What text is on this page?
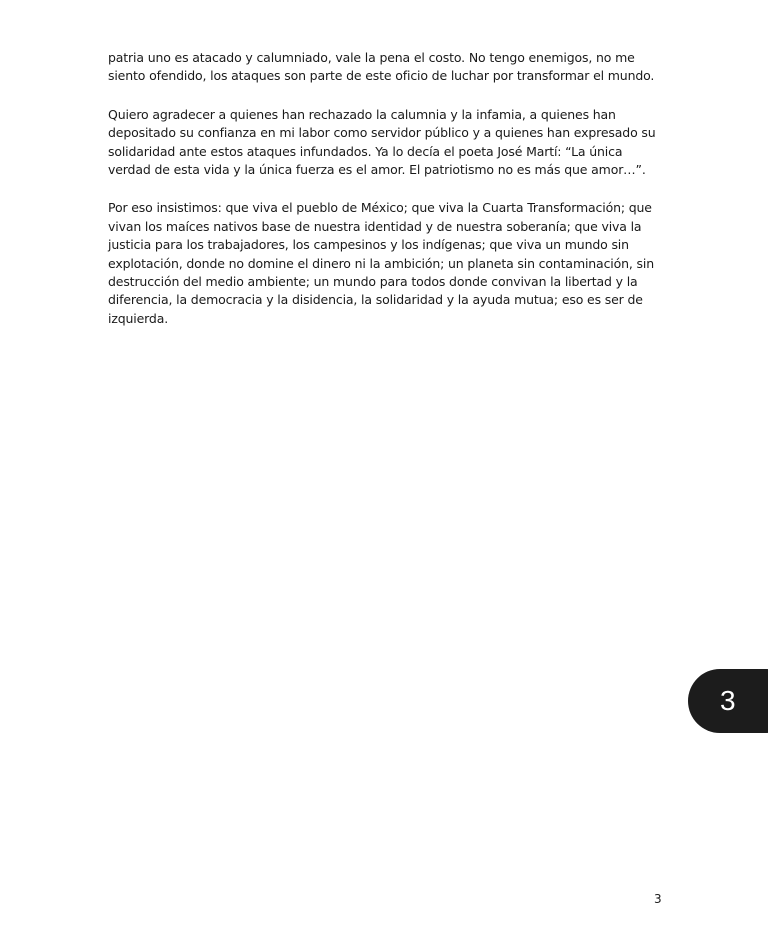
patria uno es atacado y calumniado, vale la pena el costo. No tengo enemigos, no me
siento ofendido, los ataques son parte de este oficio de luchar por transformar el mundo.

Quiero agradecer a quienes han rechazado la calumnia y la infamia, a quienes han
depositado su confianza en mi labor como servidor público y a quienes han expresado su
solidaridad ante estos ataques infundados. Ya lo decía el poeta José Martí: “La única
verdad de esta vida y la única fuerza es el amor. El patriotismo no es más que amor…”.

Por eso insistimos: que viva el pueblo de México; que viva la Cuarta Transformación; que
vivan los maíces nativos base de nuestra identidad y de nuestra soberanía; que viva la
justicia para los trabajadores, los campesinos y los indígenas; que viva un mundo sin
explotación, donde no domine el dinero ni la ambición; un planeta sin contaminación, sin
destrucción del medio ambiente; un mundo para todos donde convivan la libertad y la
diferencia, la democracia y la disidencia, la solidaridad y la ayuda mutua; eso es ser de
izquierda.

3
3
